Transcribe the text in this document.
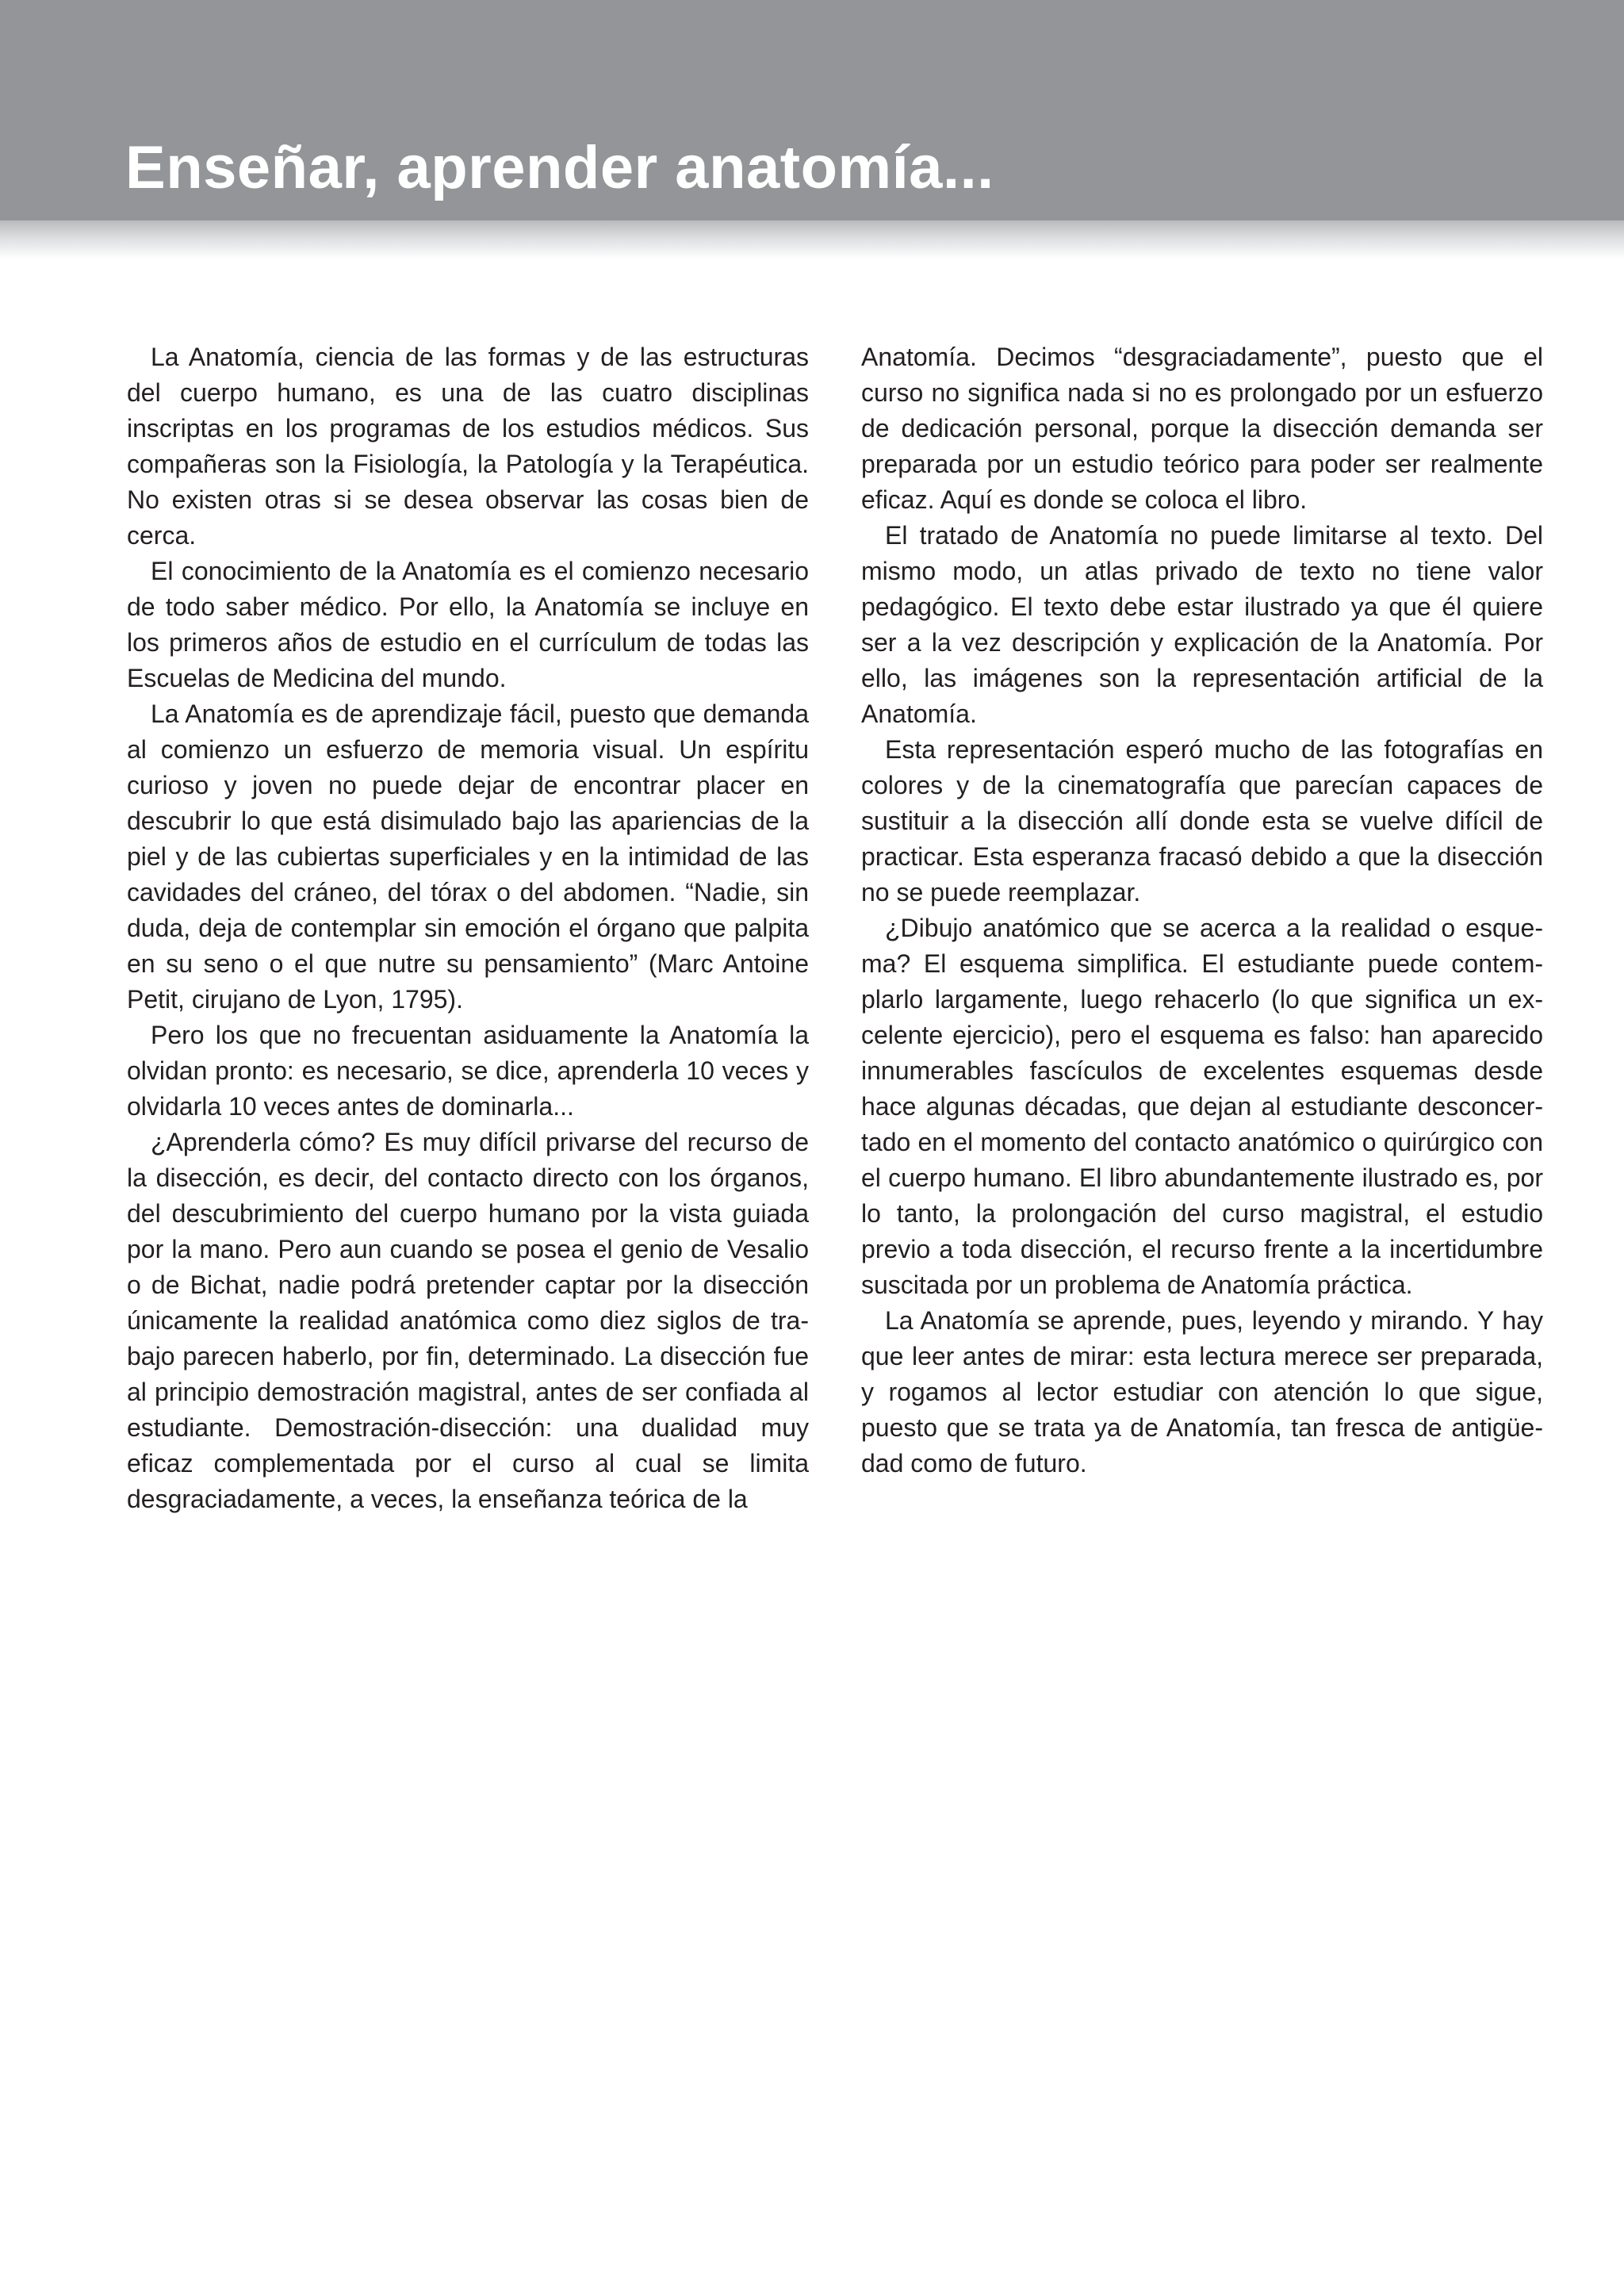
Enseñar, aprender anatomía...

La Anatomía, ciencia de las formas y de las estructuras del cuerpo humano, es una de las cuatro disciplinas inscriptas en los programas de los estudios médicos. Sus compañeras son la Fisiología, la Patología y la Terapéutica. No existen otras si se desea observar las cosas bien de cerca.

El conocimiento de la Anatomía es el comienzo necesario de todo saber médico. Por ello, la Anatomía se incluye en los primeros años de estudio en el currículum de todas las Escuelas de Medicina del mundo.

La Anatomía es de aprendizaje fácil, puesto que demanda al comienzo un esfuerzo de memoria visual. Un espíritu curioso y joven no puede dejar de encontrar placer en descubrir lo que está disimulado bajo las apariencias de la piel y de las cubiertas superficiales y en la intimidad de las cavidades del cráneo, del tórax o del abdomen. “Nadie, sin duda, deja de contemplar sin emoción el órgano que palpita en su seno o el que nutre su pensamiento” (Marc Antoine Petit, cirujano de Lyon, 1795).

Pero los que no frecuentan asiduamente la Anatomía la olvidan pronto: es necesario, se dice, aprenderla 10 veces y olvidarla 10 veces antes de dominarla...

¿Aprenderla cómo? Es muy difícil privarse del recurso de la disección, es decir, del contacto directo con los órganos, del descubrimiento del cuerpo humano por la vista guiada por la mano. Pero aun cuando se posea el genio de Vesalio o de Bichat, nadie podrá pretender captar por la disección únicamente la realidad anatómica como diez siglos de trabajo parecen haberlo, por fin, determinado. La disección fue al principio demostración magistral, antes de ser confiada al estudiante. Demostración-disección: una dualidad muy eficaz complementada por el curso al cual se limita desgraciadamente, a veces, la enseñanza teórica de la

Anatomía. Decimos “desgraciadamente”, puesto que el curso no significa nada si no es prolongado por un esfuerzo de dedicación personal, porque la disección demanda ser preparada por un estudio teórico para poder ser realmente eficaz. Aquí es donde se coloca el libro.

El tratado de Anatomía no puede limitarse al texto. Del mismo modo, un atlas privado de texto no tiene valor pedagógico. El texto debe estar ilustrado ya que él quiere ser a la vez descripción y explicación de la Anatomía. Por ello, las imágenes son la representación artificial de la Anatomía.

Esta representación esperó mucho de las fotografías en colores y de la cinematografía que parecían capaces de sustituir a la disección allí donde esta se vuelve difícil de practicar. Esta esperanza fracasó debido a que la disección no se puede reemplazar.

¿Dibujo anatómico que se acerca a la realidad o esquema? El esquema simplifica. El estudiante puede contemplarlo largamente, luego rehacerlo (lo que significa un excelente ejercicio), pero el esquema es falso: han aparecido innumerables fascículos de excelentes esquemas desde hace algunas décadas, que dejan al estudiante desconcertado en el momento del contacto anatómico o quirúrgico con el cuerpo humano. El libro abundantemente ilustrado es, por lo tanto, la prolongación del curso magistral, el estudio previo a toda disección, el recurso frente a la incertidumbre suscitada por un problema de Anatomía práctica.

La Anatomía se aprende, pues, leyendo y mirando. Y hay que leer antes de mirar: esta lectura merece ser preparada, y rogamos al lector estudiar con atención lo que sigue, puesto que se trata ya de Anatomía, tan fresca de antigüedad como de futuro.
